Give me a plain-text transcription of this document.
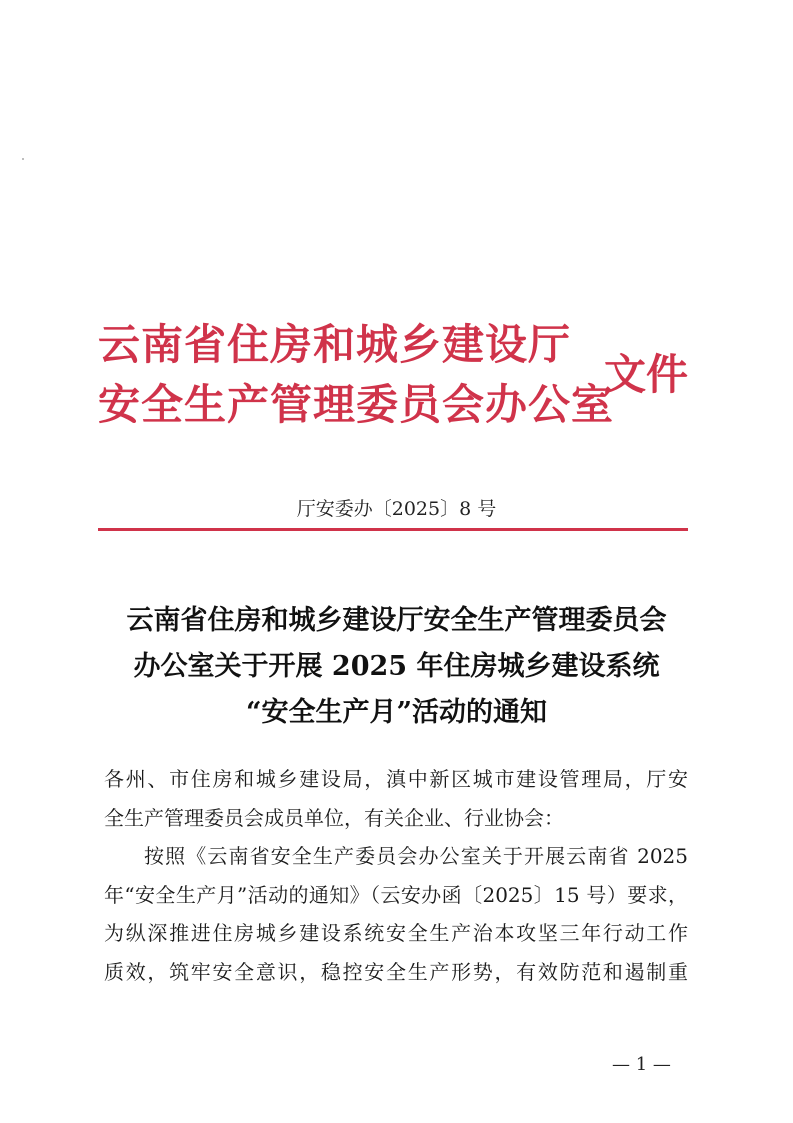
云南省住房和城乡建设厅
安全生产管理委员会办公室
文件
厅安委办〔2025〕8 号
云南省住房和城乡建设厅安全生产管理委员会
办公室关于开展 2025 年住房城乡建设系统
“安全生产月”活动的通知
各州、市住房和城乡建设局，滇中新区城市建设管理局，厅安
全生产管理委员会成员单位，有关企业、行业协会：
按照《云南省安全生产委员会办公室关于开展云南省 2025
年“安全生产月”活动的通知》（云安办函〔2025〕15 号）要求，
为纵深推进住房城乡建设系统安全生产治本攻坚三年行动工作
质效，筑牢安全意识，稳控安全生产形势，有效防范和遏制重
— 1 —
